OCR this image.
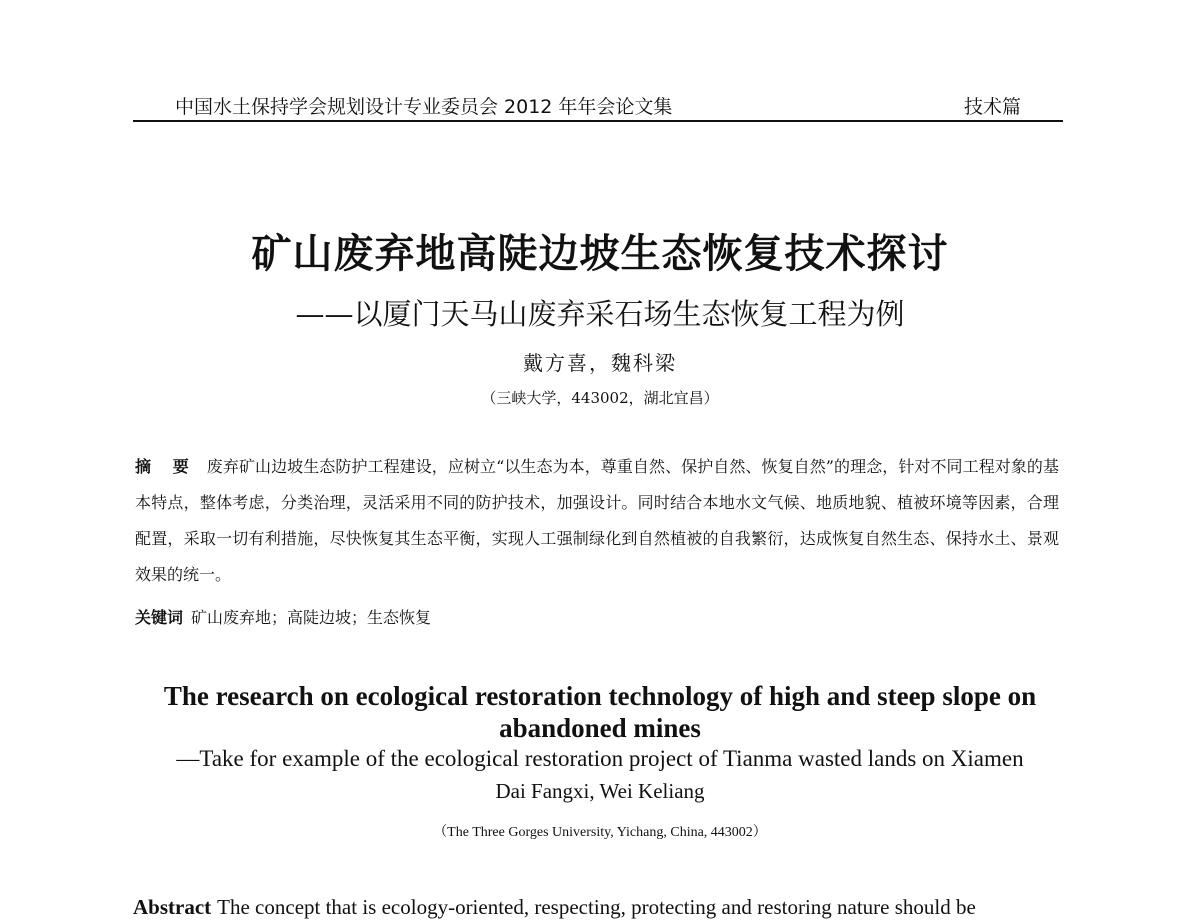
中国水土保持学会规划设计专业委员会 2012 年年会论文集	技术篇
矿山废弃地高陡边坡生态恢复技术探讨
——以厦门天马山废弃采石场生态恢复工程为例
戴方喜，魏科梁
（三峡大学，443002，湖北宜昌）
摘 要 废弃矿山边坡生态防护工程建设，应树立“以生态为本，尊重自然、保护自然、恢复自然”的理念，针对不同工程对象的基本特点，整体考虑，分类治理，灵活采用不同的防护技术，加强设计。同时结合本地水文气候、地质地貌、植被环境等因素，合理配置，采取一切有利措施，尽快恢复其生态平衡，实现人工强制绿化到自然植被的自我繁衍，达成恢复自然生态、保持水土、景观效果的统一。
关键词 矿山废弃地；高陡边坡；生态恢复
The research on ecological restoration technology of high and steep slope on abandoned mines
—Take for example of the ecological restoration project of Tianma wasted lands on Xiamen
Dai Fangxi, Wei Keliang
（The Three Gorges University, Yichang, China, 443002）
Abstract The concept that is ecology-oriented, respecting, protecting and restoring nature should be
